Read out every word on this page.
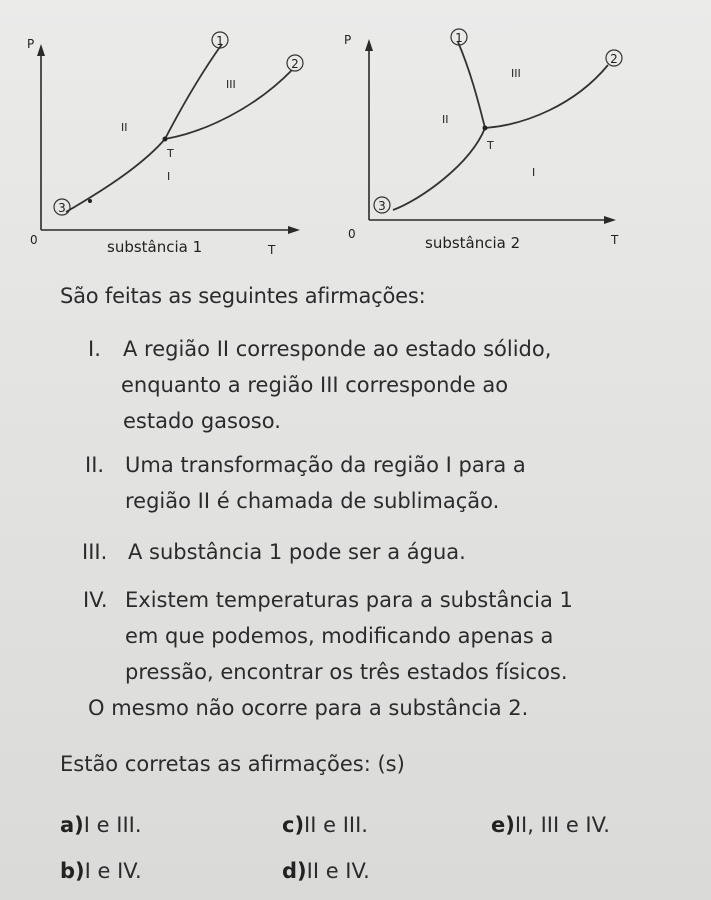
1
2
3
P
T
0
III
II
I
T
substância 1
1
2
3
P
T
0
III
II
I
T
substância 2
São feitas as seguintes afirmações:
I. A região II corresponde ao estado sólido,
enquanto a região III corresponde ao
estado gasoso.
II. Uma transformação da região I para a
região II é chamada de sublimação.
III. A substância 1 pode ser a água.
IV. Existem temperaturas para a substância 1
em que podemos, modificando apenas a
pressão, encontrar os três estados físicos.
O mesmo não ocorre para a substância 2.
Estão corretas as afirmações: (s)
a)I e III.	c)II e III.	e)II, III e IV.
b)I e IV.	d)II e IV.
